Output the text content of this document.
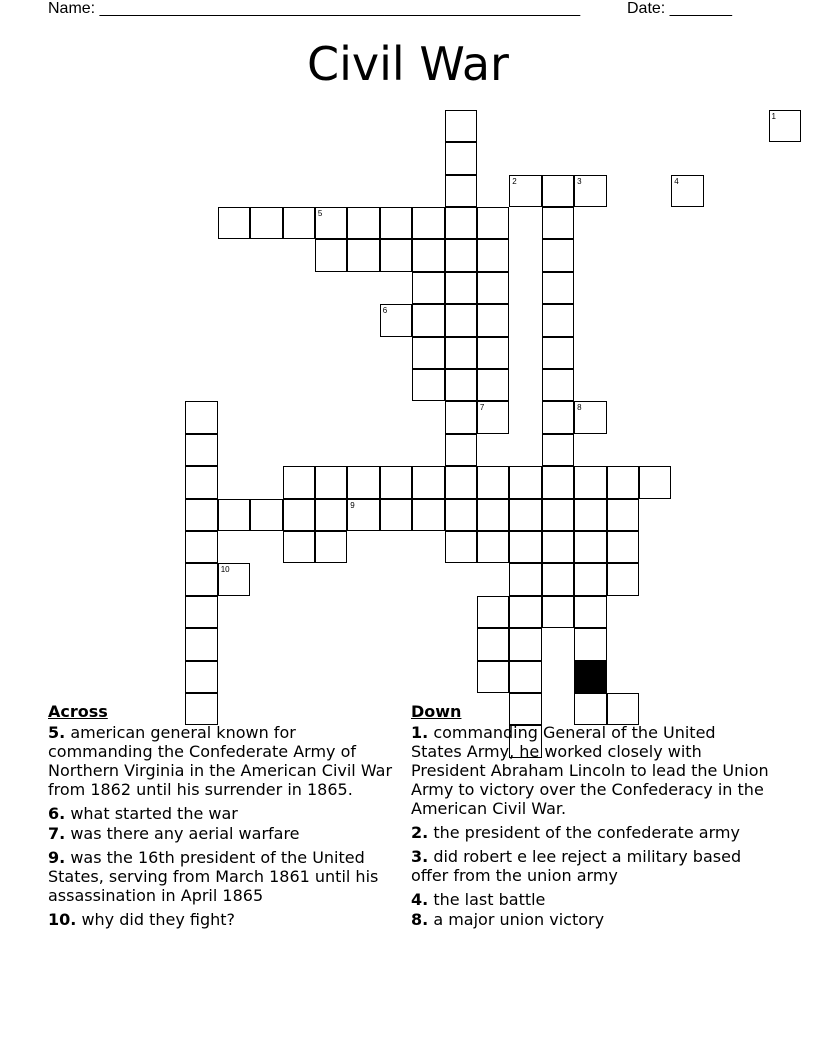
Name: ______________________________________________________	Date: _______
Civil War
5
7
9
1
2	3	4
6
8
10
Across
5. american general known for commanding the Confederate Army of Northern Virginia in the American Civil War from 1862 until his surrender in 1865.
6. what started the war
7. was there any aerial warfare
9. was the 16th president of the United States, serving from March 1861 until his assassination in April 1865
10. why did they fight?
Down
1. commanding General of the United States Army, he worked closely with President Abraham Lincoln to lead the Union Army to victory over the Confederacy in the American Civil War.
2. the president of the confederate army
3. did robert e lee reject a military based offer from the union army
4. the last battle
8. a major union victory
